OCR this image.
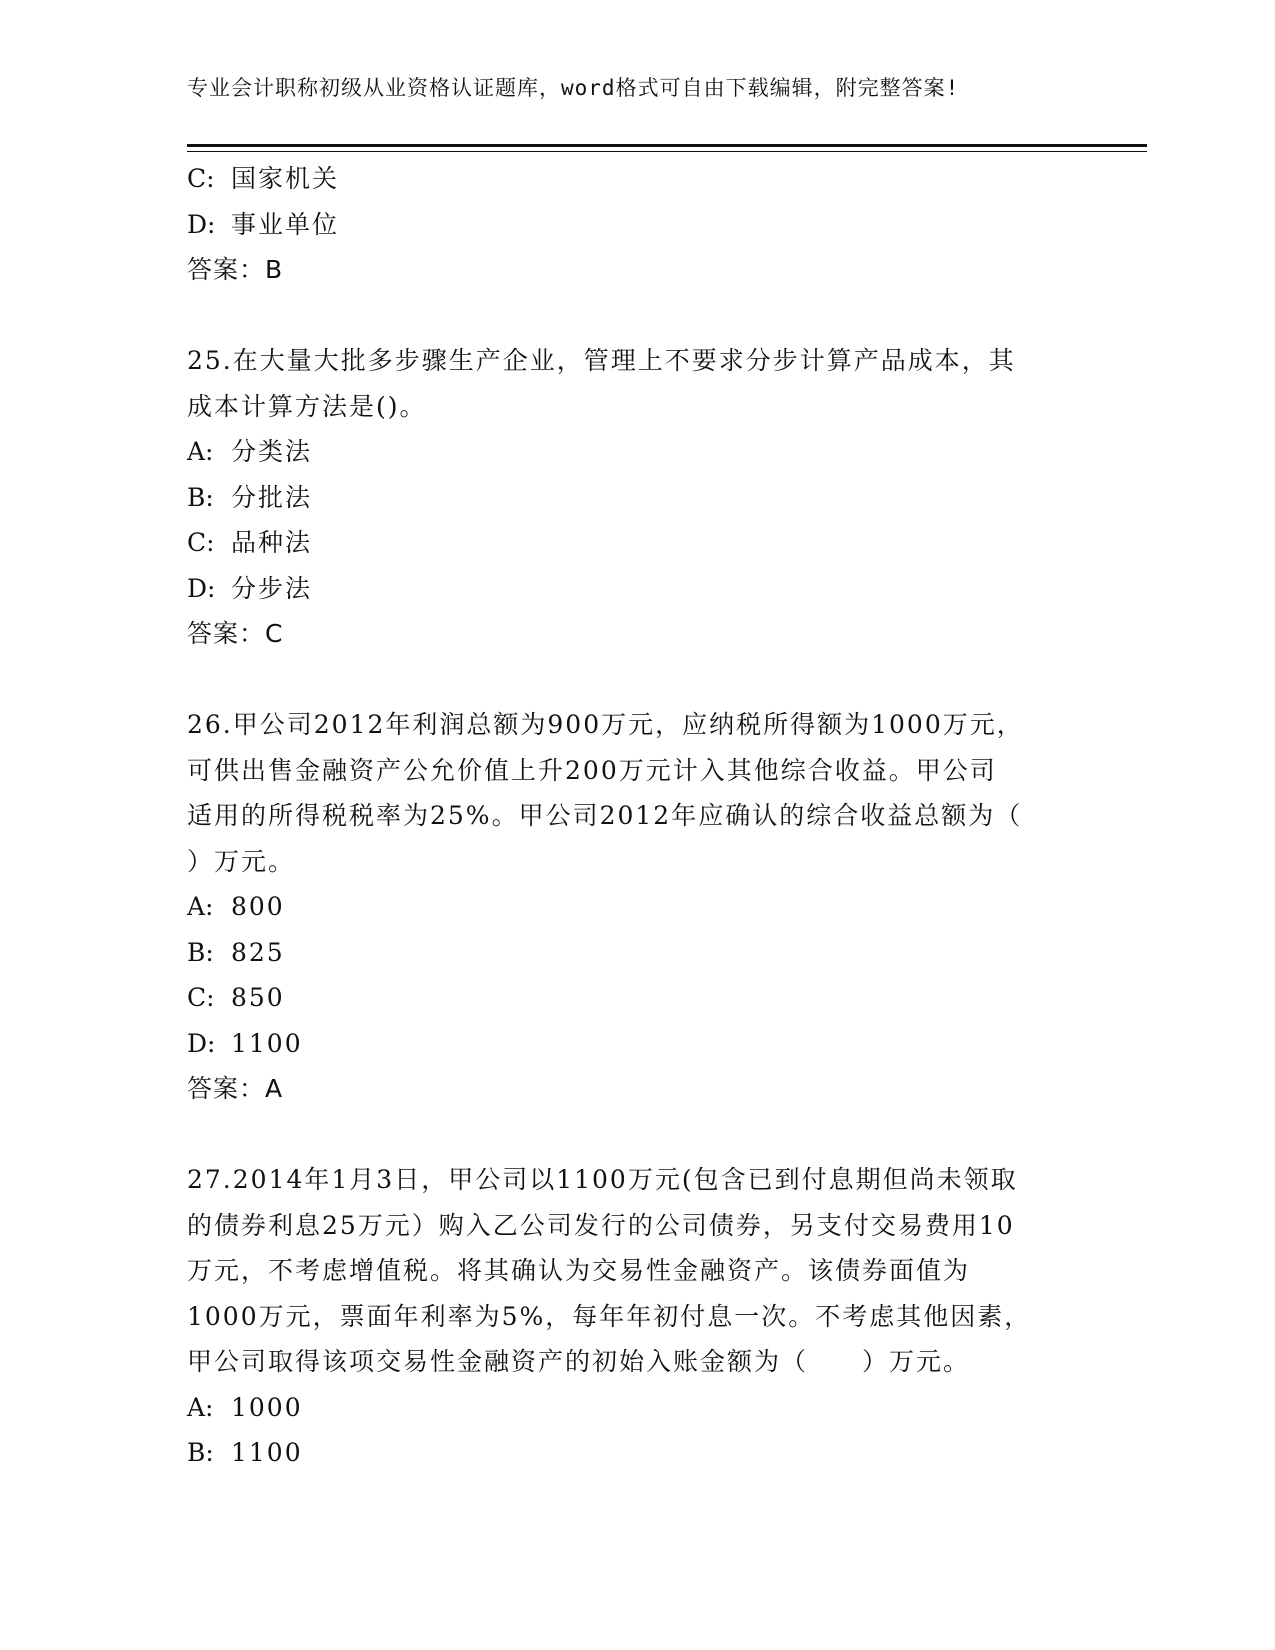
专业会计职称初级从业资格认证题库，word格式可自由下载编辑，附完整答案!
C: 国家机关
D: 事业单位
答案：B
25.在大量大批多步骤生产企业，管理上不要求分步计算产品成本，其
成本计算方法是()。
A: 分类法
B: 分批法
C: 品种法
D: 分步法
答案：C
26.甲公司2012年利润总额为900万元，应纳税所得额为1000万元，
可供出售金融资产公允价值上升200万元计入其他综合收益。甲公司
适用的所得税税率为25%。甲公司2012年应确认的综合收益总额为（
）万元。
A: 800
B: 825
C: 850
D: 1100
答案：A
27.2014年1月3日，甲公司以1100万元(包含已到付息期但尚未领取
的债券利息25万元）购入乙公司发行的公司债券，另支付交易费用10
万元，不考虑增值税。将其确认为交易性金融资产。该债券面值为
1000万元，票面年利率为5%，每年年初付息一次。不考虑其他因素，
甲公司取得该项交易性金融资产的初始入账金额为（　　）万元。
A: 1000
B: 1100
